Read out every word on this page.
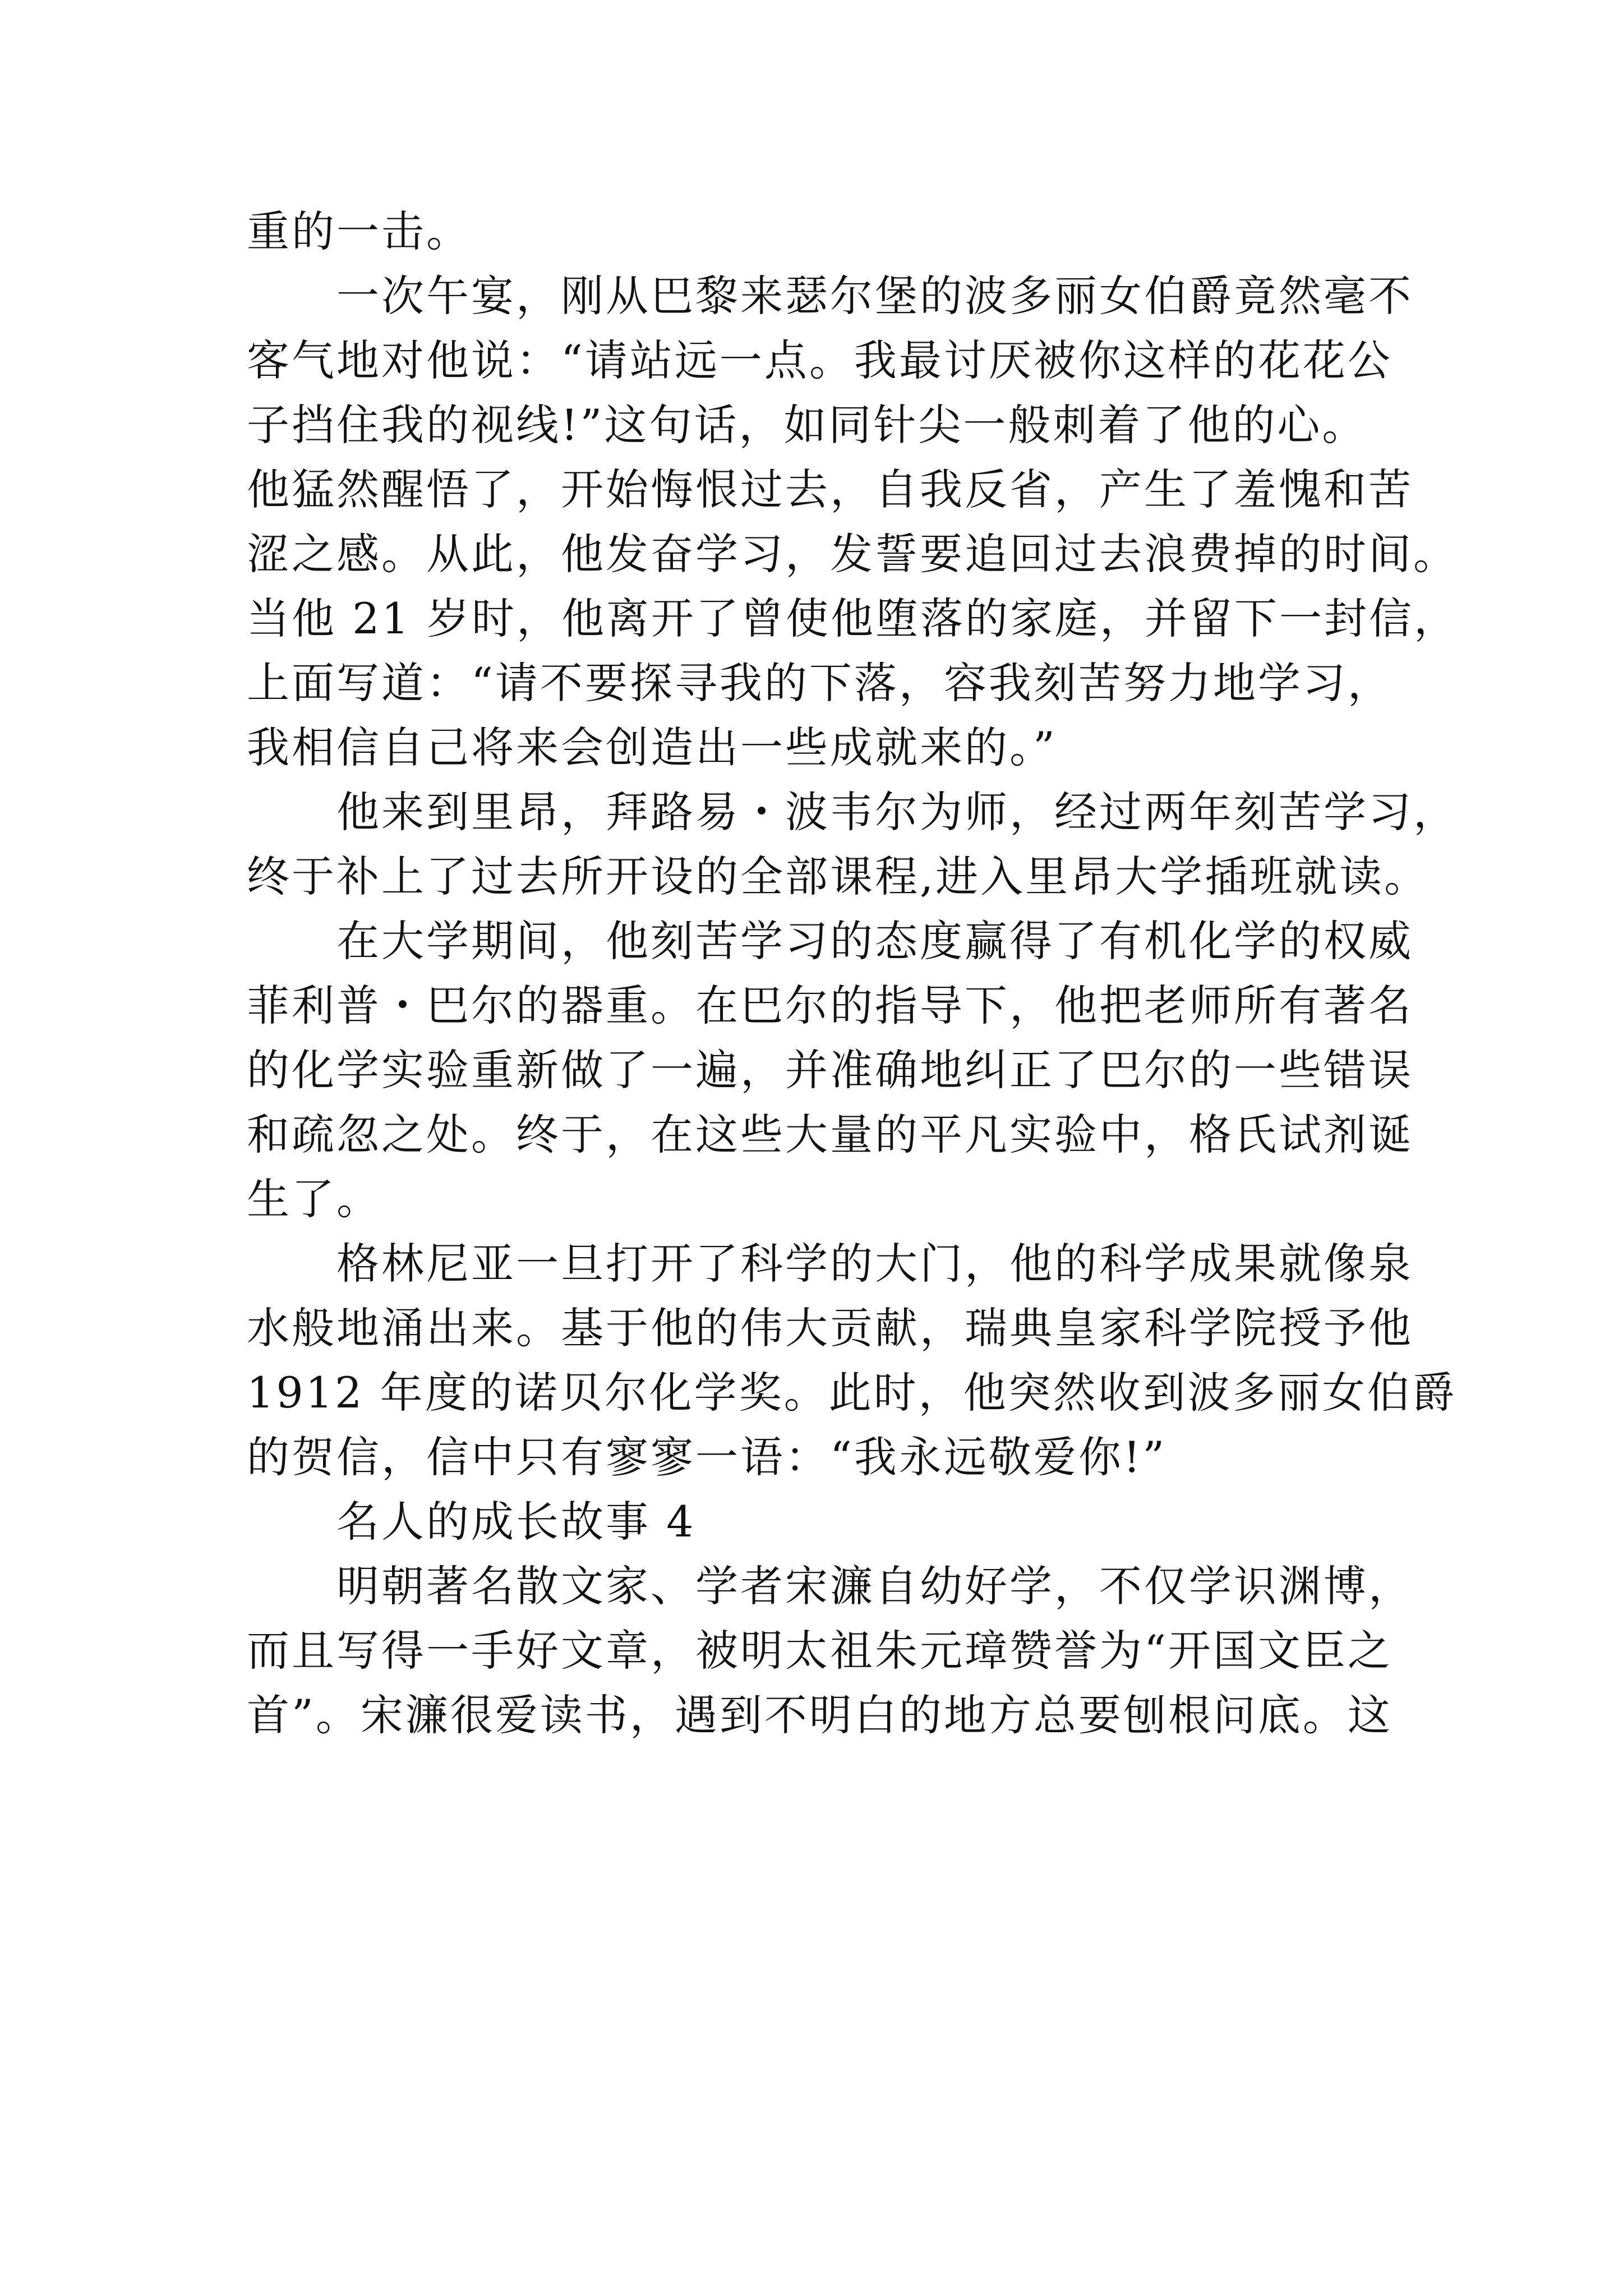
重的一击。
一次午宴，刚从巴黎来瑟尔堡的波多丽女伯爵竟然毫不
客气地对他说：“请站远一点。我最讨厌被你这样的花花公
子挡住我的视线!”这句话，如同针尖一般刺着了他的心。
他猛然醒悟了，开始悔恨过去，自我反省，产生了羞愧和苦
涩之感。从此，他发奋学习，发誓要追回过去浪费掉的时间。
当他 21 岁时，他离开了曾使他堕落的家庭，并留下一封信，
上面写道：“请不要探寻我的下落，容我刻苦努力地学习，
我相信自己将来会创造出一些成就来的。”
他来到里昂，拜路易・波韦尔为师，经过两年刻苦学习，
终于补上了过去所开设的全部课程,进入里昂大学插班就读。
在大学期间，他刻苦学习的态度赢得了有机化学的权威
菲利普・巴尔的器重。在巴尔的指导下，他把老师所有著名
的化学实验重新做了一遍，并准确地纠正了巴尔的一些错误
和疏忽之处。终于，在这些大量的平凡实验中，格氏试剂诞
生了。
格林尼亚一旦打开了科学的大门，他的科学成果就像泉
水般地涌出来。基于他的伟大贡献，瑞典皇家科学院授予他
1912 年度的诺贝尔化学奖。此时，他突然收到波多丽女伯爵
的贺信，信中只有寥寥一语：“我永远敬爱你!”
名人的成长故事 4
明朝著名散文家、学者宋濂自幼好学，不仅学识渊博，
而且写得一手好文章，被明太祖朱元璋赞誉为“开国文臣之
首”。宋濂很爱读书，遇到不明白的地方总要刨根问底。这
